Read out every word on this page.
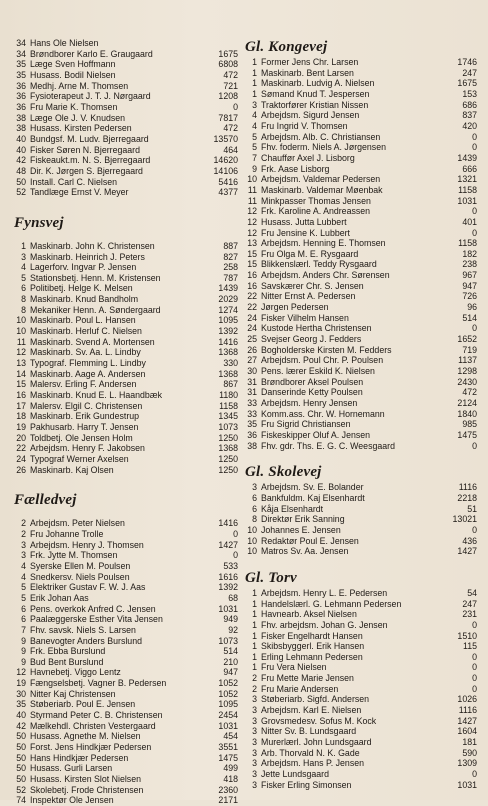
34 Hans Ole Nielsen
34 Brøndborer Karlo E. Graugaard	1675
35 Læge Sven Hoffmann	6808
35 Husass. Bodil Nielsen	472
36 Medhj. Arne M. Thomsen	721
36 Fysioterapeut J. T. J. Nørgaard	1208
36 Fru Marie K. Thomsen	0
38 Læge Ole J. V. Knudsen	7817
38 Husass. Kirsten Pedersen	472
40 Bundgsf. M. Ludv. Bjerregaard	13570
40 Fisker Søren N. Bjerregaard	464
42 Fiskeaukt.m. N. S. Bjerregaard	14620
48 Dir. K. Jørgen S. Bjerregaard	14106
50 Install. Carl C. Nielsen	5416
52 Tandlæge Ernst V. Meyer	4377
Fynsvej
1 Maskinarb. John K. Christensen	887
3 Maskinarb. Heinrich J. Peters	827
4 Lagerforv. Ingvar P. Jensen	258
5 Stationsbetj. Henn. M. Kristensen	787
6 Politibetj. Helge K. Melsen	1439
8 Maskinarb. Knud Bandholm	2029
8 Mekaniker Henn. A. Søndergaard	1274
10 Maskinarb. Poul L. Hansen	1095
10 Maskinarb. Herluf C. Nielsen	1392
11 Maskinarb. Svend A. Mortensen	1416
12 Maskinarb. Sv. Aa. L. Lindby	1368
13 Typograf. Flemming L. Lindby	330
14 Maskinarb. Aage A. Andersen	1368
15 Malersv. Erling F. Andersen	867
16 Maskinarb. Knud E. L. Haandbæk	1180
17 Malersv. Elgil C. Christensen	1158
18 Maskinarb. Erik Gundestrup	1345
19 Pakhusarb. Harry T. Jensen	1073
20 Toldbetj. Ole Jensen Holm	1250
22 Arbejdsm. Henry F. Jakobsen	1368
24 Typograf Werner Axelsen	1250
26 Maskinarb. Kaj Olsen	1250
Fælledvej
2 Arbejdsm. Peter Nielsen	1416
2 Fru Johanne Trolle	0
3 Arbejdsm. Henry J. Thomsen	1427
3 Frk. Jytte M. Thomsen	0
4 Syerske Ellen M. Poulsen	533
4 Snedkersv. Niels Poulsen	1616
5 Elektriker Gustav F. W. J. Aas	1392
5 Erik Johan Aas	68
6 Pens. overkok Anfred C. Jensen	1031
6 Paalæggerske Esther Vita Jensen	949
7 Fhv. savsk. Niels S. Larsen	92
9 Banevogter Anders Burslund	1073
9 Frk. Ebba Burslund	514
9 Bud Bent Burslund	210
12 Havnebetj. Viggo Lentz	947
19 Fængselsbetj. Vagner B. Pedersen	1052
30 Nitter Kaj Christensen	1052
35 Støberiarb. Poul E. Jensen	1095
40 Styrmand Peter C. B. Christensen	2454
42 Mælkehdl. Christen Vestergaard	1031
50 Husass. Agnethe M. Nielsen	454
50 Forst. Jens Hindkjær Pedersen	3551
50 Hans Hindkjær Pedersen	1475
50 Husass. Gurli Larsen	499
50 Husass. Kirsten Slot Nielsen	418
52 Skolebetj. Frode Christensen	2360
74 Inspektør Ole Jensen	2171
Gl. Kongevej
1 Former Jens Chr. Larsen	1746
1 Maskinarb. Bent Larsen	247
1 Maskinarb. Ludvig A. Nielsen	1675
1 Sømand Knud T. Jespersen	153
3 Traktorfører Kristian Nissen	686
4 Arbejdsm. Sigurd Jensen	837
4 Fru Ingrid V. Thomsen	420
5 Arbejdsm. Alb. C. Christiansen	0
5 Fhv. foderm. Niels A. Jørgensen	0
7 Chauffør Axel J. Lisborg	1439
9 Frk. Aase Lisborg	666
10 Arbejdsm. Valdemar Pedersen	1321
11 Maskinarb. Valdemar Møenbak	1158
11 Minkpasser Thomas Jensen	1031
12 Frk. Karoline A. Andreassen	0
12 Husass. Jutta Lubbert	401
12 Fru Jensine K. Lubbert	0
13 Arbejdsm. Henning E. Thomsen	1158
15 Fru Olga M. E. Rysgaard	182
15 Blikkenslærl. Teddy Rysgaard	238
16 Arbejdsm. Anders Chr. Sørensen	967
16 Savskærer Chr. S. Jensen	947
22 Nitter Ernst A. Pedersen	726
22 Jørgen Pedersen	96
24 Fisker Vilhelm Hansen	514
24 Kustode Hertha Christensen	0
25 Svejser Georg J. Fedders	1652
26 Bogholderske Kirsten M. Fedders	719
27 Arbejdsm. Poul Chr. P. Poulsen	1137
30 Pens. lærer Eskild K. Nielsen	1298
31 Brøndborer Aksel Poulsen	2430
31 Danserinde Ketty Poulsen	472
33 Arbejdsm. Henry Jensen	2124
33 Komm.ass. Chr. W. Hornemann	1840
35 Fru Sigrid Christiansen	985
36 Fiskeskipper Oluf A. Jensen	1475
38 Fhv. gdr. Ths. E. G. C. Weesgaard	0
Gl. Skolevej
3 Arbejdsm. Sv. E. Bolander	1116
6 Bankfuldm. Kaj Elsenhardt	2218
6 Kåja Elsenhardt	51
8 Direktør Erik Sanning	13021
10 Johannes E. Jensen	0
10 Redaktør Poul E. Jensen	436
10 Matros Sv. Aa. Jensen	1427
Gl. Torv
1 Arbejdsm. Henry L. E. Pedersen	54
1 Handelslærl. G. Lehmann Pedersen	247
1 Havnearb. Aksel Nielsen	231
1 Fhv. arbejdsm. Johan G. Jensen	0
1 Fisker Engelhardt Hansen	1510
1 Skibsbyggerl. Erik Hansen	115
1 Erling Lehmann Pedersen	0
1 Fru Vera Nielsen	0
2 Fru Mette Marie Jensen	0
2 Fru Marie Andersen	0
3 Støberiarb. Sigfd. Andersen	1026
3 Arbejdsm. Karl E. Nielsen	1116
3 Grovsmedesv. Sofus M. Kock	1427
3 Nitter Sv. B. Lundsgaard	1604
3 Murerlærl. John Lundsgaard	181
3 Arb. Thorvald N. K. Gade	590
3 Arbejdsm. Hans P. Jensen	1309
3 Jette Lundsgaard	0
3 Fisker Erling Simonsen	1031
